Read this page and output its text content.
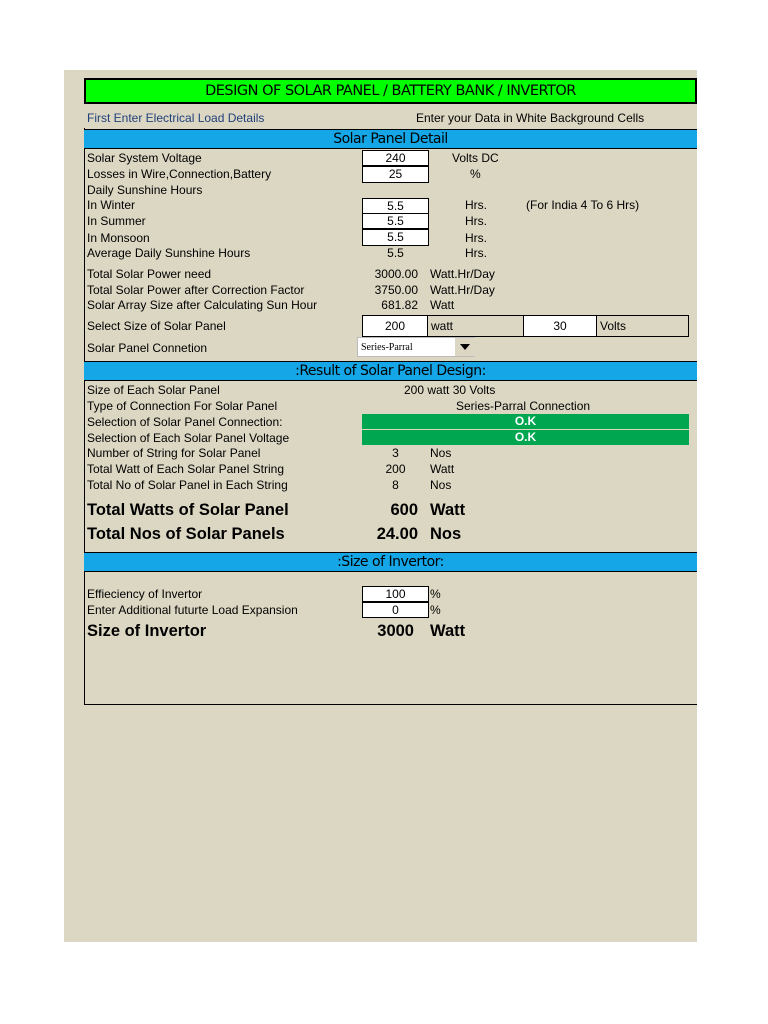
DESIGN OF SOLAR PANEL / BATTERY BANK / INVERTOR
First Enter Electrical Load Details	Enter your Data in White Background Cells
Solar Panel Detail
Solar System Voltage	240	Volts DC
Losses in Wire,Connection,Battery	25	%
Daily Sunshine Hours
In Winter	5.5	Hrs.	(For India 4 To 6 Hrs)
In Summer	5.5	Hrs.
In Monsoon	5.5	Hrs.
Average Daily Sunshine Hours	5.5	Hrs.
Total Solar Power need	3000.00 Watt.Hr/Day
Total Solar Power after Correction Factor	3750.00 Watt.Hr/Day
Solar Array Size after Calculating Sun Hour	681.82 Watt
Select Size of Solar Panel	200	watt	30	Volts
Solar Panel Connetion	Series-Parral
:Result of Solar Panel Design:
Size of Each Solar Panel	200 watt 30 Volts
Type of Connection For Solar Panel	Series-Parral Connection
Selection of Solar Panel Connection:	O.K
Selection of Each Solar Panel Voltage	O.K
Number of String for Solar Panel	3	Nos
Total Watt of Each Solar Panel String	200	Watt
Total No of Solar Panel in Each String	8	Nos
Total Watts of Solar Panel	600 Watt
Total Nos of Solar Panels	24.00 Nos
:Size of Invertor:
Effieciency of Invertor	100	%
Enter Additional futurte Load Expansion	0	%
Size of Invertor	3000 Watt
